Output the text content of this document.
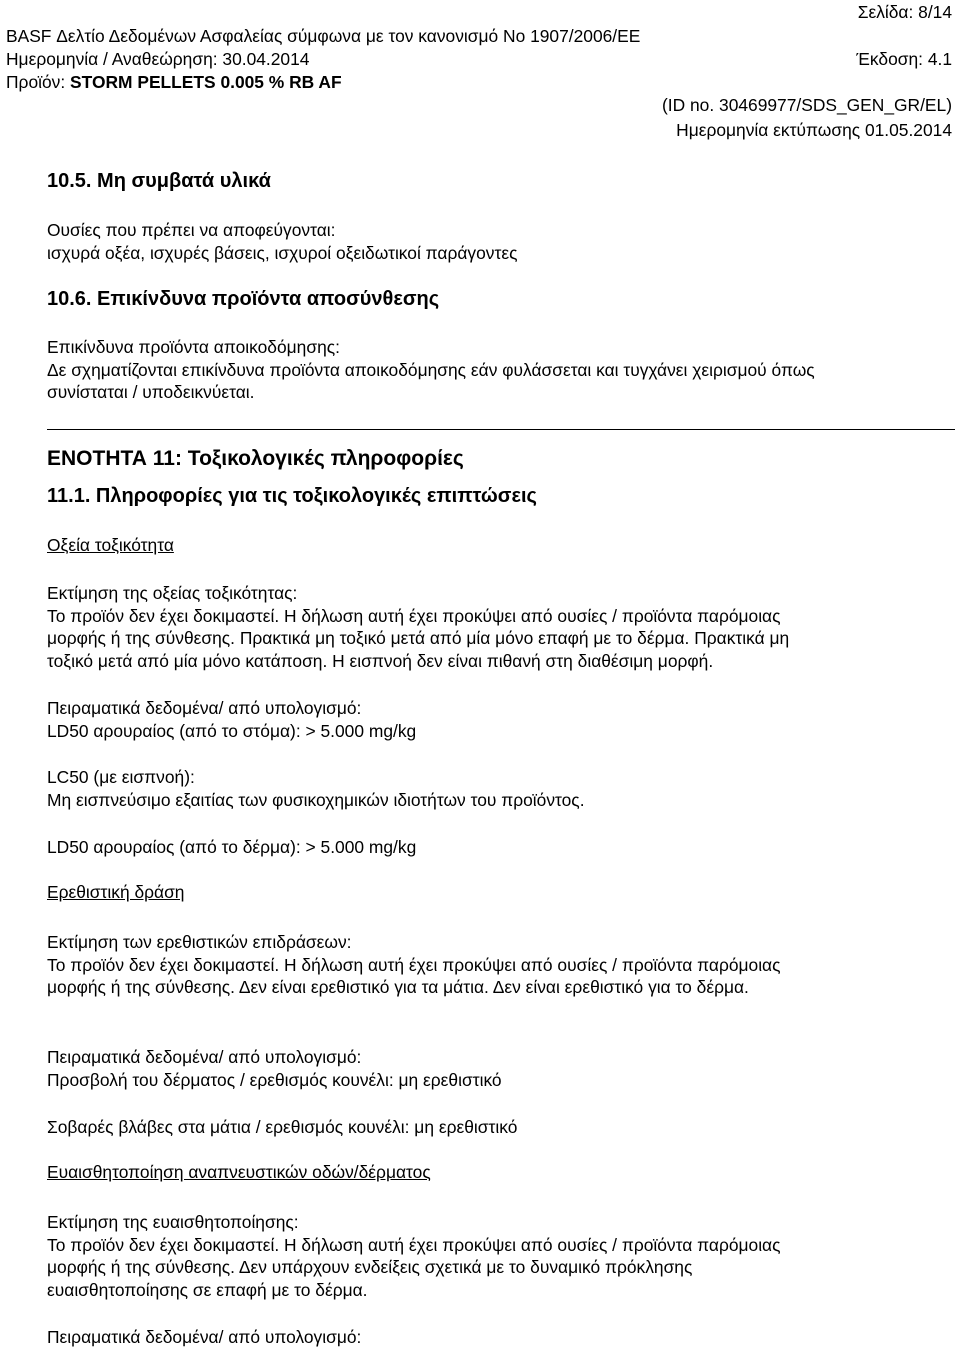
Σελίδα: 8/14
BASF Δελτίο Δεδομένων Ασφαλείας σύμφωνα με τον κανονισμό Νο 1907/2006/ΕΕ
Ημερομηνία / Αναθεώρηση: 30.04.2014	Έκδοση: 4.1
Προϊόν: STORM PELLETS 0.005 % RB AF
(ID no. 30469977/SDS_GEN_GR/EL)
Ημερομηνία εκτύπωσης 01.05.2014
10.5. Μη συμβατά υλικά
Ουσίες που πρέπει να αποφεύγονται:
ισχυρά οξέα, ισχυρές βάσεις, ισχυροί οξειδωτικοί παράγοντες
10.6. Επικίνδυνα προϊόντα αποσύνθεσης
Επικίνδυνα προϊόντα αποικοδόμησης:
Δε σχηματίζονται επικίνδυνα προϊόντα αποικοδόμησης εάν φυλάσσεται και τυγχάνει χειρισμού όπως
συνίσταται / υποδεικνύεται.
ΕΝΟΤΗΤΑ 11: Τοξικολογικές πληροφορίες
11.1. Πληροφορίες για τις τοξικολογικές επιπτώσεις
Οξεία τοξικότητα
Εκτίμηση της οξείας τοξικότητας:
Το προϊόν δεν έχει δοκιμαστεί. Η δήλωση αυτή έχει προκύψει από ουσίες / προϊόντα παρόμοιας
μορφής ή της σύνθεσης. Πρακτικά μη τοξικό μετά από μία μόνο επαφή με το δέρμα. Πρακτικά μη
τοξικό μετά από μία μόνο κατάποση. Η εισπνοή δεν είναι πιθανή στη διαθέσιμη μορφή.
Πειραματικά δεδομένα/ από υπολογισμό:
LD50 αρουραίος (από το στόμα): > 5.000 mg/kg
LC50 (με εισπνοή):
Μη εισπνεύσιμο εξαιτίας των φυσικοχημικών ιδιοτήτων του προϊόντος.
LD50 αρουραίος (από το δέρμα): > 5.000 mg/kg
Ερεθιστική δράση
Εκτίμηση των ερεθιστικών επιδράσεων:
Το προϊόν δεν έχει δοκιμαστεί. Η δήλωση αυτή έχει προκύψει από ουσίες / προϊόντα παρόμοιας
μορφής ή της σύνθεσης. Δεν είναι ερεθιστικό για τα μάτια. Δεν είναι ερεθιστικό για το δέρμα.
Πειραματικά δεδομένα/ από υπολογισμό:
Προσβολή του δέρματος / ερεθισμός κουνέλι: μη ερεθιστικό
Σοβαρές βλάβες στα μάτια / ερεθισμός κουνέλι: μη ερεθιστικό
Ευαισθητοποίηση αναπνευστικών οδών/δέρματος
Εκτίμηση της ευαισθητοποίησης:
Το προϊόν δεν έχει δοκιμαστεί. Η δήλωση αυτή έχει προκύψει από ουσίες / προϊόντα παρόμοιας
μορφής ή της σύνθεσης. Δεν υπάρχουν ενδείξεις σχετικά με το δυναμικό πρόκλησης
ευαισθητοποίησης σε επαφή με το δέρμα.
Πειραματικά δεδομένα/ από υπολογισμό:
